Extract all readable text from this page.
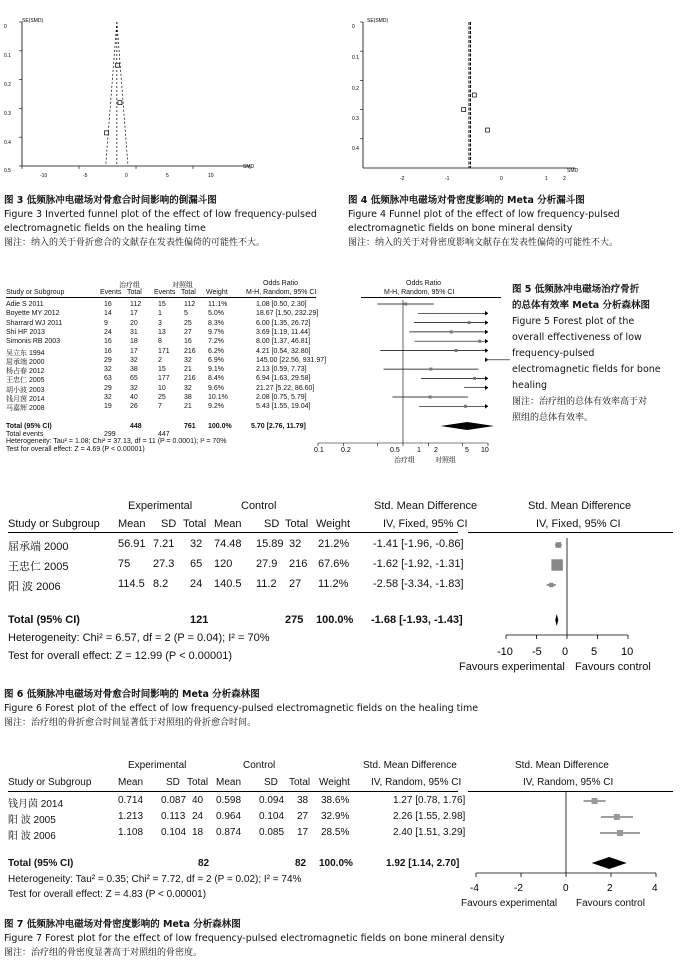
SE(SMD)
SMD
0
0.1
0.2
0.3
0.4
0.5
-10	-5	0	5	10
图 3 低频脉冲电磁场对骨愈合时间影响的倒漏斗图
Figure 3 Inverted funnel plot of the effect of low frequency-pulsed
electromagnetic fields on the healing time
图注：纳入的关于骨折愈合的文献存在发表性偏倚的可能性不大。
SE(SMD)
SMD
0
0.1
0.2
0.3
0.4
-2	-1	0	1	2
图 4 低频脉冲电磁场对骨密度影响的 Meta 分析漏斗图
Figure 4 Funnel plot of the effect of low frequency-pulsed
electromagnetic fields on bone mineral density
图注：纳入的关于对骨密度影响文献存在发表性偏倚的可能性不大。
治疗组	对照组	Odds Ratio	Odds Ratio
Study or Subgroup	Events Total Events Total Weight	M-H, Random, 95% CI	M-H, Random, 95% CI
Adie S 2011	16	112 15	112 11.1%	1.08 [0.50, 2.30]
Boyette MY 2012	14	17	1	5	5.0%	18.67 [1.50, 232.29]
Sharrard WJ 2011	9	20	3	25 8.3%	6.00 [1.35, 26.72]
Shi HF 2013	24	31	13	27 9.7%	3.69 [1.19, 11.44]
Simonis RB 2003	16	18	8	16 7.2%	8.00 [1.37, 46.81]
吴立东 1994	16	17	171 216 6.2%	4.21 [0.54, 32.80]
屈承端 2000	29	32	2	32 6.9%	145.00 [22.56, 931.97]
杨占春 2012	32	38	15	21 9.1%	2.13 [0.59, 7.73]
王忠仁 2005	63	65	177 216 8.4%	6.94 [1.63, 29.58]
胡小波 2003	29	32	10	32 9.6%	21.27 [5.22, 86.60]
钱月茵 2014	32	40	25	38 10.1%	2.08 [0.75, 5.79]
马嘉辉 2008	19	26	7	21 9.2%	5.43 [1.55, 19.04]
Total (95% CI)	448	761 100.0%	5.70 [2.76, 11.79]
Total events	299	447
Heterogeneity: Tau² = 1.08; Chi² = 37.13, df = 11 (P = 0.0001); I² = 70%
Test for overall effect: Z = 4.69 (P < 0.00001)
治疗组	对照组
0.1 0.2	0.5 1 2	5 10
图 5 低频脉冲电磁场治疗骨折
的总体有效率 Meta 分析森林图
Figure 5 Forest plot of the
overall effectiveness of low
frequency-pulsed
electromagnetic fields for bone
healing
图注：治疗组的总体有效率高于对
照组的总体有效率。
Experimental	Control	Std. Mean Difference	Std. Mean Difference
Study or Subgroup Mean SD Total Mean SD Total Weight	IV, Fixed, 95% CI	IV, Fixed, 95% CI
屈承端 2000	56.91 7.21 32 74.48 15.89 32 21.2% -1.41 [-1.96, -0.86]
王忠仁 2005	75 27.3 65 120 27.9 216 67.6% -1.62 [-1.92, -1.31]
阳 波 2006	114.5 8.2 24 140.5 11.2 27 11.2% -2.58 [-3.34, -1.83]
Total (95% CI)	121	275 100.0% -1.68 [-1.93, -1.43]
Heterogeneity: Chi² = 6.57, df = 2 (P = 0.04); I² = 70%
Test for overall effect: Z = 12.99 (P < 0.00001)
Favours experimental Favours control
-10 -5 0 5 10
图 6 低频脉冲电磁场对骨愈合时间影响的 Meta 分析森林图
Figure 6 Forest plot of the effect of low frequency-pulsed electromagnetic fields on the healing time
图注：治疗组的骨折愈合时间显著低于对照组的骨折愈合时间。
Experimental	Control	Std. Mean Difference	Std. Mean Difference
Study or Subgroup	Mean SD Total Mean SD Total Weight IV, Random, 95% CI	IV, Random, 95% CI
钱月茵 2014	0.714 0.087 40 0.598 0.094 38 38.6%	1.27 [0.78, 1.76]
阳 波 2005	1.213 0.113 24 0.964 0.104 27 32.9%	2.26 [1.55, 2.98]
阳 波 2006	1.108 0.104 18 0.874 0.085 17 28.5%	2.40 [1.51, 3.29]
Total (95% CI)	82	82 100.0%	1.92 [1.14, 2.70]
Heterogeneity: Tau² = 0.35; Chi² = 7.72, df = 2 (P = 0.02); I² = 74%
Test for overall effect: Z = 4.83 (P < 0.00001)
Favours experimental Favours control
-4	-2	0	2	4
图 7 低频脉冲电磁场对骨密度影响的 Meta 分析森林图
Figure 7 Forest plot for the effect of low frequency-pulsed electromagnetic fields on bone mineral density
图注：治疗组的骨密度显著高于对照组的骨密度。
